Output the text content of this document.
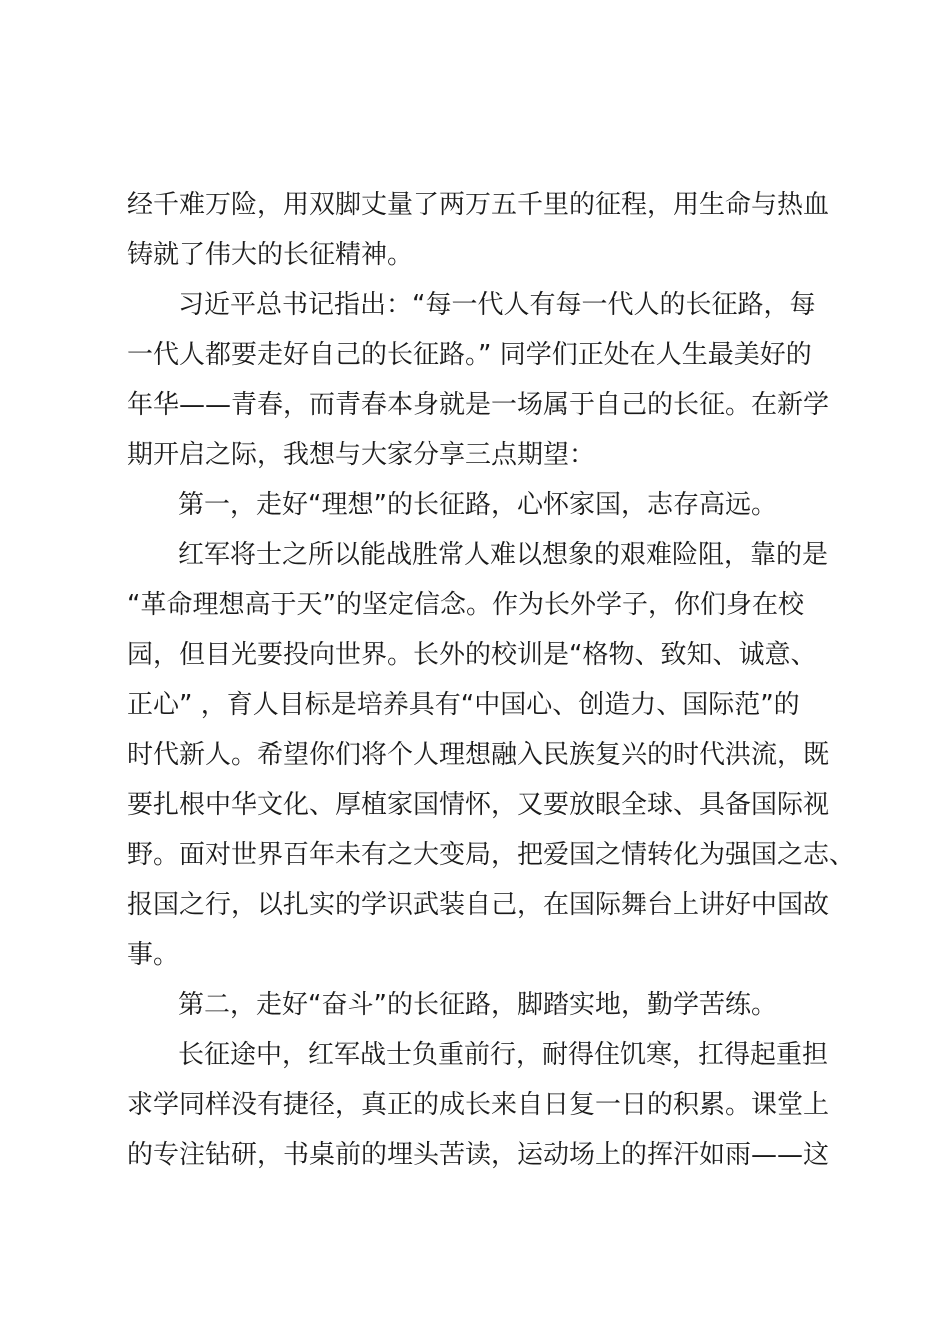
经千难万险，用双脚丈量了两万五千里的征程，用生命与热血
铸就了伟大的长征精神。
习近平总书记指出：“每一代人有每一代人的长征路，每
一代人都要走好自己的长征路。” 同学们正处在人生最美好的
年华——青春，而青春本身就是一场属于自己的长征。在新学
期开启之际，我想与大家分享三点期望：
第一，走好“理想”的长征路，心怀家国，志存高远。
红军将士之所以能战胜常人难以想象的艰难险阻，靠的是
“革命理想高于天”的坚定信念。作为长外学子，你们身在校
园，但目光要投向世界。长外的校训是“格物、致知、诚意、
正心” ，育人目标是培养具有“中国心、创造力、国际范”的
时代新人。希望你们将个人理想融入民族复兴的时代洪流，既
要扎根中华文化、厚植家国情怀，又要放眼全球、具备国际视
野。面对世界百年未有之大变局，把爱国之情转化为强国之志、
报国之行，以扎实的学识武装自己，在国际舞台上讲好中国故
事。
第二，走好“奋斗”的长征路，脚踏实地，勤学苦练。
长征途中，红军战士负重前行，耐得住饥寒，扛得起重担
求学同样没有捷径，真正的成长来自日复一日的积累。课堂上
的专注钻研，书桌前的埋头苦读，运动场上的挥汗如雨——这
